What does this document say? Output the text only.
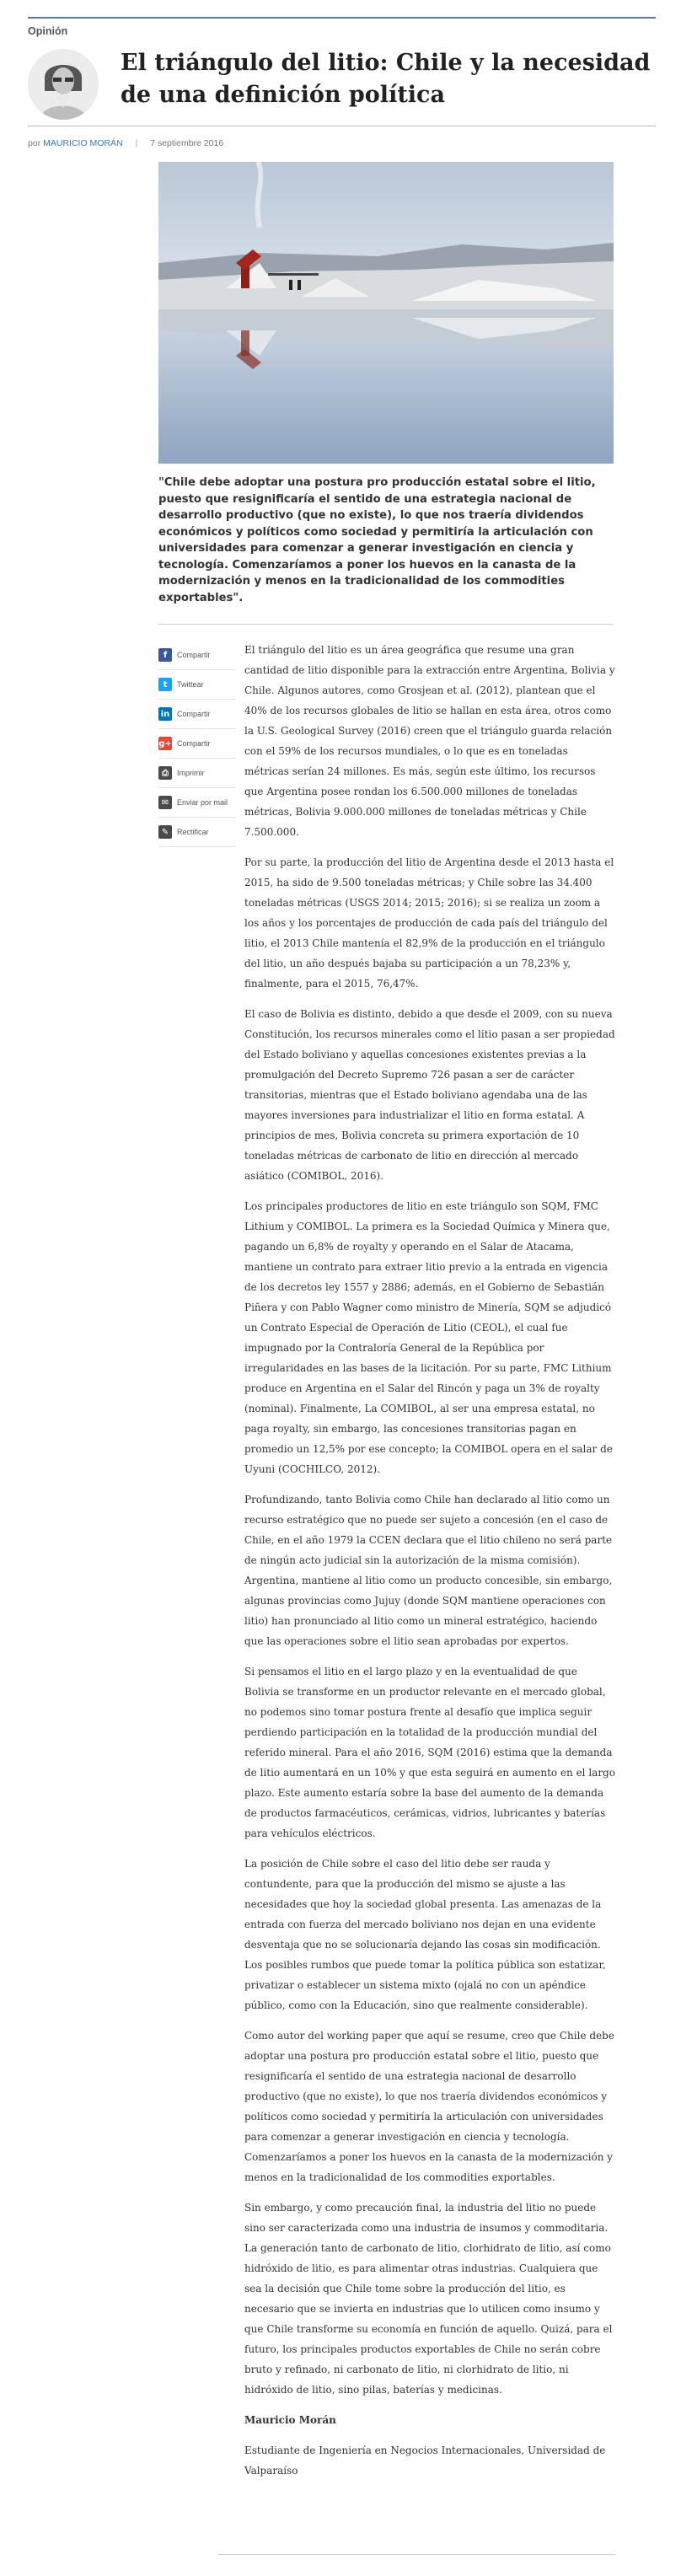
Opinión
El triángulo del litio: Chile y la necesidad de una definición política
por MAURICIO MORÁN | 7 septiembre 2016

"Chile debe adoptar una postura pro producción estatal sobre el litio, puesto que resignificaría el sentido de una estrategia nacional de desarrollo productivo (que no existe), lo que nos traería dividendos económicos y políticos como sociedad y permitiría la articulación con universidades para comenzar a generar investigación en ciencia y tecnología. Comenzaríamos a poner los huevos en la canasta de la modernización y menos en la tradicionalidad de los commodities exportables".

f	Compartir
t	Twittear
in Compartir
g+ Compartir
⎙	Imprimir
✉	Enviar por mail
✎	Rectificar

El triángulo del litio es un área geográfica que resume una gran cantidad de litio disponible para la extracción entre Argentina, Bolivia y Chile. Algunos autores, como Grosjean et al. (2012), plantean que el 40% de los recursos globales de litio se hallan en esta área, otros como la U.S. Geological Survey (2016) creen que el triángulo guarda relación con el 59% de los recursos mundiales, o lo que es en toneladas métricas serían 24 millones. Es más, según este último, los recursos que Argentina posee rondan los 6.500.000 millones de toneladas métricas, Bolivia 9.000.000 millones de toneladas métricas y Chile 7.500.000.

Por su parte, la producción del litio de Argentina desde el 2013 hasta el 2015, ha sido de 9.500 toneladas métricas; y Chile sobre las 34.400 toneladas métricas (USGS 2014; 2015; 2016); si se realiza un zoom a los años y los porcentajes de producción de cada país del triángulo del litio, el 2013 Chile mantenía el 82,9% de la producción en el triángulo del litio, un año después bajaba su participación a un 78,23% y, finalmente, para el 2015, 76,47%.

El caso de Bolivia es distinto, debido a que desde el 2009, con su nueva Constitución, los recursos minerales como el litio pasan a ser propiedad del Estado boliviano y aquellas concesiones existentes previas a la promulgación del Decreto Supremo 726 pasan a ser de carácter transitorias, mientras que el Estado boliviano agendaba una de las mayores inversiones para industrializar el litio en forma estatal. A principios de mes, Bolivia concreta su primera exportación de 10 toneladas métricas de carbonato de litio en dirección al mercado asiático (COMIBOL, 2016).

Los principales productores de litio en este triángulo son SQM, FMC Lithium y COMIBOL. La primera es la Sociedad Química y Minera que, pagando un 6,8% de royalty y operando en el Salar de Atacama, mantiene un contrato para extraer litio previo a la entrada en vigencia de los decretos ley 1557 y 2886; además, en el Gobierno de Sebastián Piñera y con Pablo Wagner como ministro de Minería, SQM se adjudicó un Contrato Especial de Operación de Litio (CEOL), el cual fue impugnado por la Contraloría General de la República por irregularidades en las bases de la licitación. Por su parte, FMC Lithium produce en Argentina en el Salar del Rincón y paga un 3% de royalty (nominal). Finalmente, La COMIBOL, al ser una empresa estatal, no paga royalty, sin embargo, las concesiones transitorias pagan en promedio un 12,5% por ese concepto; la COMIBOL opera en el salar de Uyuni (COCHILCO, 2012).

Profundizando, tanto Bolivia como Chile han declarado al litio como un recurso estratégico que no puede ser sujeto a concesión (en el caso de Chile, en el año 1979 la CCEN declara que el litio chileno no será parte de ningún acto judicial sin la autorización de la misma comisión). Argentina, mantiene al litio como un producto concesible, sin embargo, algunas provincias como Jujuy (donde SQM mantiene operaciones con litio) han pronunciado al litio como un mineral estratégico, haciendo que las operaciones sobre el litio sean aprobadas por expertos.

Si pensamos el litio en el largo plazo y en la eventualidad de que Bolivia se transforme en un productor relevante en el mercado global, no podemos sino tomar postura frente al desafío que implica seguir perdiendo participación en la totalidad de la producción mundial del referido mineral. Para el año 2016, SQM (2016) estima que la demanda de litio aumentará en un 10% y que esta seguirá en aumento en el largo plazo. Este aumento estaría sobre la base del aumento de la demanda de productos farmacéuticos, cerámicas, vidrios, lubricantes y baterías para vehículos eléctricos.

La posición de Chile sobre el caso del litio debe ser rauda y contundente, para que la producción del mismo se ajuste a las necesidades que hoy la sociedad global presenta. Las amenazas de la entrada con fuerza del mercado boliviano nos dejan en una evidente desventaja que no se solucionaría dejando las cosas sin modificación. Los posibles rumbos que puede tomar la política pública son estatizar, privatizar o establecer un sistema mixto (ojalá no con un apéndice público, como con la Educación, sino que realmente considerable).

Como autor del working paper que aquí se resume, creo que Chile debe adoptar una postura pro producción estatal sobre el litio, puesto que resignificaría el sentido de una estrategia nacional de desarrollo productivo (que no existe), lo que nos traería dividendos económicos y políticos como sociedad y permitiría la articulación con universidades para comenzar a generar investigación en ciencia y tecnología. Comenzaríamos a poner los huevos en la canasta de la modernización y menos en la tradicionalidad de los commodities exportables.

Sin embargo, y como precaución final, la industria del litio no puede sino ser caracterizada como una industria de insumos y commoditaria. La generación tanto de carbonato de litio, clorhidrato de litio, así como hidróxido de litio, es para alimentar otras industrias. Cualquiera que sea la decisión que Chile tome sobre la producción del litio, es necesario que se invierta en industrias que lo utilicen como insumo y que Chile transforme su economía en función de aquello. Quizá, para el futuro, los principales productos exportables de Chile no serán cobre bruto y refinado, ni carbonato de litio, ni clorhidrato de litio, ni hidróxido de litio, sino pilas, baterías y medicinas.

Mauricio Morán

Estudiante de Ingeniería en Negocios Internacionales, Universidad de Valparaíso
